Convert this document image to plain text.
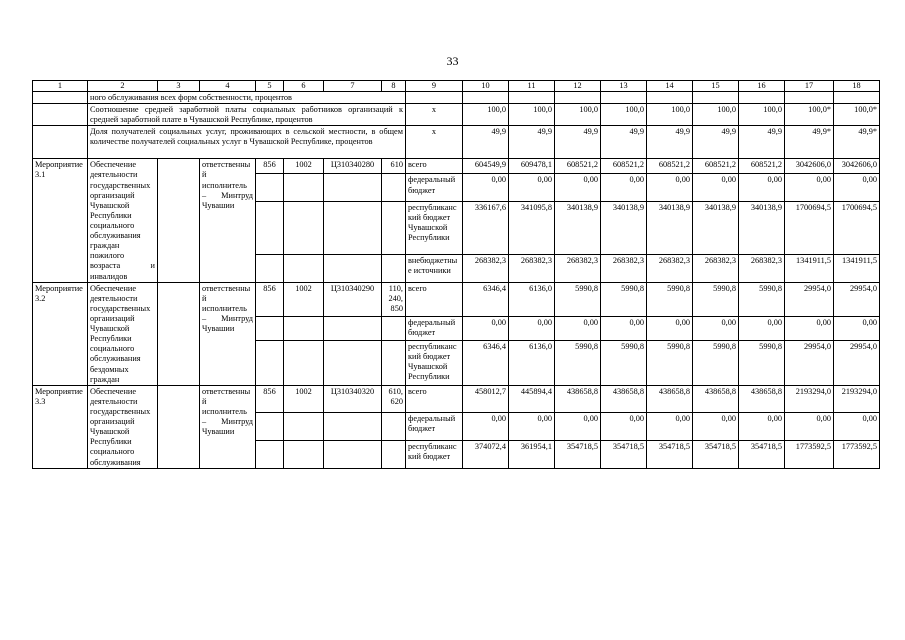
33
1	2	3	4	5	6	7	8	9	10	11	12	13	14	15	16	17	18
	ного обслуживания всех форм собственности, процентов																
	Соотношение средней заработной платы социальных работников организаций к средней заработной плате в Чувашской Республике, процентов							x	100,0	100,0	100,0	100,0	100,0	100,0	100,0	100,0*	100,0*
	Доля получателей социальных услуг, проживающих в сельской местности, в общем количестве получателей социальных услуг в Чувашской Республике, процентов							x	49,9	49,9	49,9	49,9	49,9	49,9	49,9	49,9*	49,9*
Мероприятие 3.1	Обеспечение деятельности государственных организаций Чувашской Республики социального обслуживания граждан пожилого возраста и инвалидов		ответственный исполнитель – Минтруд Чувашии	856	1002	Ц310340280	610	всего	604549,9	609478,1	608521,2	608521,2	608521,2	608521,2	608521,2	3042606,0	3042606,0
								федеральный бюджет	0,00	0,00	0,00	0,00	0,00	0,00	0,00	0,00	0,00
								республиканский бюджет Чувашской Республики	336167,6	341095,8	340138,9	340138,9	340138,9	340138,9	340138,9	1700694,5	1700694,5
								внебюджетные источники	268382,3	268382,3	268382,3	268382,3	268382,3	268382,3	268382,3	1341911,5	1341911,5
Мероприятие 3.2	Обеспечение деятельности государственных организаций Чувашской Республики социального обслуживания бездомных граждан		ответственный исполнитель – Минтруд Чувашии	856	1002	Ц310340290	110, 240, 850	всего	6346,4	6136,0	5990,8	5990,8	5990,8	5990,8	5990,8	29954,0	29954,0
								федеральный бюджет	0,00	0,00	0,00	0,00	0,00	0,00	0,00	0,00	0,00
								республиканский бюджет Чувашской Республики	6346,4	6136,0	5990,8	5990,8	5990,8	5990,8	5990,8	29954,0	29954,0
Мероприятие 3.3	Обеспечение деятельности государственных организаций Чувашской Республики социального обслуживания		ответственный исполнитель – Минтруд Чувашии	856	1002	Ц310340320	610, 620	всего	458012,7	445894,4	438658,8	438658,8	438658,8	438658,8	438658,8	2193294,0	2193294,0
								федеральный бюджет	0,00	0,00	0,00	0,00	0,00	0,00	0,00	0,00	0,00
								республиканский бюджет	374072,4	361954,1	354718,5	354718,5	354718,5	354718,5	354718,5	1773592,5	1773592,5
